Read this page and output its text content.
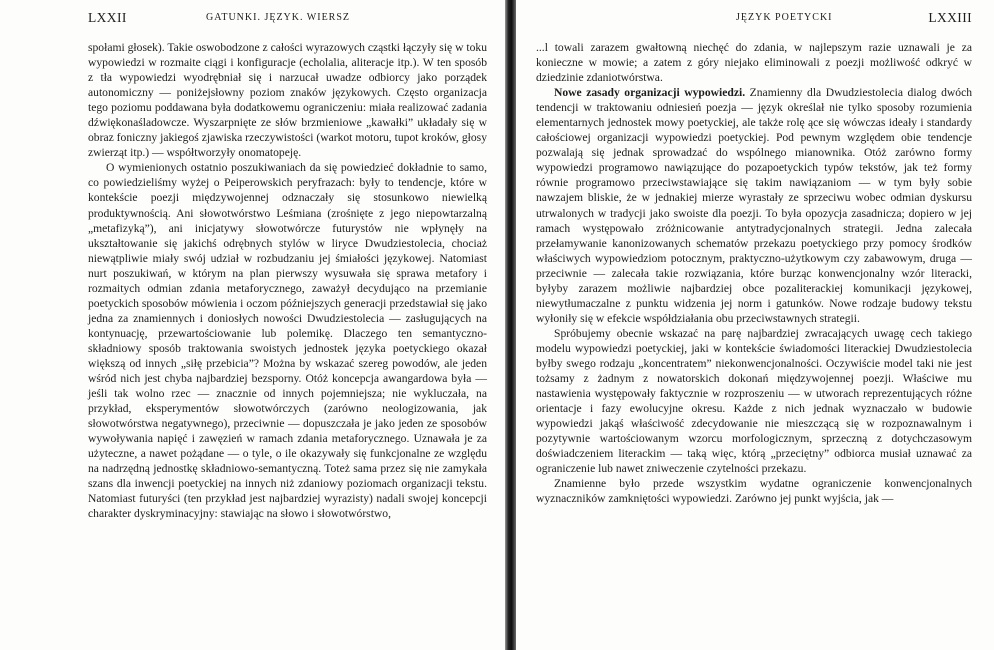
LXXII	GATUNKI. JĘZYK. WIERSZ

społami głosek). Takie oswobodzone z całości wyrazowych cząstki łączyły się w toku wypowiedzi w rozmaite ciągi i konfiguracje (echolalia, aliteracje itp.). W ten sposób z tła wypowiedzi wyodrębniał się i narzucał uwadze odbiorcy jako porządek autonomiczny — poniżejsłowny poziom znaków językowych. Często organizacja tego poziomu poddawana była dodatkowemu ograniczeniu: miała realizować zadania dźwiękonaśladowcze. Wyszarpnięte ze słów brzmieniowe „kawałki” układały się w obraz foniczny jakiegoś zjawiska rzeczywistości (warkot motoru, tupot kroków, głosy zwierząt itp.) — współtworzyły onomatopeję.

O wymienionych ostatnio poszukiwaniach da się powiedzieć dokładnie to samo, co powiedzieliśmy wyżej o Peiperowskich peryfrazach: były to tendencje, które w kontekście poezji międzywojennej odznaczały się stosunkowo niewielką produktywnością. Ani słowotwórstwo Leśmiana (zrośnięte z jego niepowtarzalną „metafizyką”), ani inicjatywy słowotwórcze futurystów nie wpłynęły na ukształtowanie się jakichś odrębnych stylów w liryce Dwudziestolecia, chociaż niewątpliwie miały swój udział w rozbudzaniu jej śmiałości językowej. Natomiast nurt poszukiwań, w którym na plan pierwszy wysuwała się sprawa metafory i rozmaitych odmian zdania metaforycznego, zaważył decydująco na przemianie poetyckich sposobów mówienia i oczom późniejszych generacji przedstawiał się jako jedna za znamiennych i doniosłych nowości Dwudziestolecia — zasługujących na kontynuację, przewartościowanie lub polemikę. Dlaczego ten semantyczno-składniowy sposób traktowania swoistych jednostek języka poetyckiego okazał większą od innych „siłę przebicia”? Można by wskazać szereg powodów, ale jeden wśród nich jest chyba najbardziej bezsporny. Otóż koncepcja awangardowa była — jeśli tak wolno rzec — znacznie od innych pojemniejsza; nie wykluczała, na przykład, eksperymentów słowotwórczych (zarówno neologizowania, jak słowotwórstwa negatywnego), przeciwnie — dopuszczała je jako jeden ze sposobów wywoływania napięć i zawęzień w ramach zdania metaforycznego. Uznawała je za użyteczne, a nawet pożądane — o tyle, o ile okazywały się funkcjonalne ze względu na nadrzędną jednostkę składniowo-semantyczną. Toteż sama przez się nie zamykała szans dla inwencji poetyckiej na innych niż zdaniowy poziomach organizacji tekstu. Natomiast futuryści (ten przykład jest najbardziej wyrazisty) nadali swojej koncepcji charakter dyskryminacyjny: stawiając na słowo i słowotwórstwo,

JĘZYK POETYCKI	LXXIII

...l towali zarazem gwałtowną niechęć do zdania, w najlepszym razie uznawali je za konieczne w mowie; a zatem z góry niejako eliminowali z poezji możliwość odkryć w dziedzinie zdaniotwórstwa.

Nowe zasady organizacji wypowiedzi. Znamienny dla Dwudziestolecia dialog dwóch tendencji w traktowaniu odniesień poezja — język określał nie tylko sposoby rozumienia elementarnych jednostek mowy poetyckiej, ale także rolę ące się wówczas ideały i standardy całościowej organizacji wypowiedzi poetyckiej. Pod pewnym względem obie tendencje pozwalają się jednak sprowadzać do wspólnego mianownika. Otóż zarówno formy wypowiedzi programowo nawiązujące do pozapoetyckich typów tekstów, jak też formy równie programowo przeciwstawiające się takim nawiązaniom — w tym były sobie nawzajem bliskie, że w jednakiej mierze wyrastały ze sprzeciwu wobec odmian dyskursu utrwalonych w tradycji jako swoiste dla poezji. To była opozycja zasadnicza; dopiero w jej ramach występowało zróżnicowanie antytradycjonalnych strategii. Jedna zalecała przełamywanie kanonizowanych schematów przekazu poetyckiego przy pomocy środków właściwych wypowiedziom potocznym, praktyczno-użytkowym czy zabawowym, druga — przeciwnie — zalecała takie rozwiązania, które burząc konwencjonalny wzór literacki, byłyby zarazem możliwie najbardziej obce pozaliterackiej komunikacji językowej, niewytłumaczalne z punktu widzenia jej norm i gatunków. Nowe rodzaje budowy tekstu wyłoniły się w efekcie współdziałania obu przeciwstawnych strategii.

Spróbujemy obecnie wskazać na parę najbardziej zwracających uwagę cech takiego modelu wypowiedzi poetyckiej, jaki w kontekście świadomości literackiej Dwudziestolecia byłby swego rodzaju „koncentratem” niekonwencjonalności. Oczywiście model taki nie jest tożsamy z żadnym z nowatorskich dokonań międzywojennej poezji. Właściwe mu nastawienia występowały faktycznie w rozproszeniu — w utworach reprezentujących różne orientacje i fazy ewolucyjne okresu. Każde z nich jednak wyznaczało w budowie wypowiedzi jakąś właściwość zdecydowanie nie mieszczącą się w rozpoznawalnym i pozytywnie wartościowanym wzorcu morfologicznym, sprzeczną z dotychczasowym doświadczeniem literackim — taką więc, którą „przeciętny” odbiorca musiał uznawać za ograniczenie lub nawet zniweczenie czytelności przekazu.

Znamienne było przede wszystkim wydatne ograniczenie konwencjonalnych wyznaczników zamkniętości wypowiedzi. Zarówno jej punkt wyjścia, jak —
